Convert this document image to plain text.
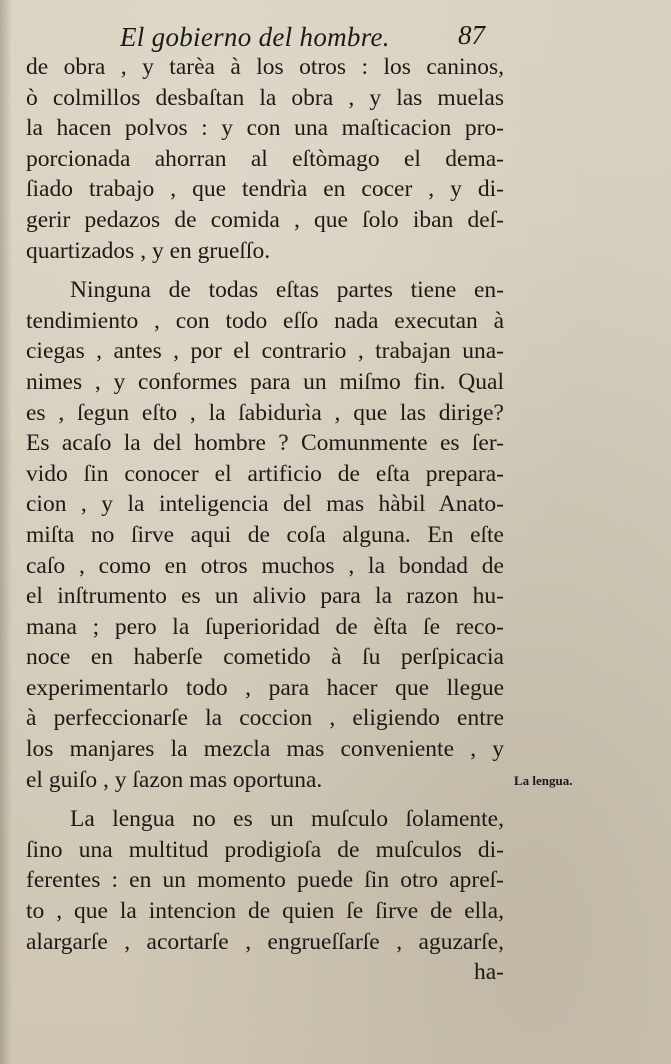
El gobierno del hombre.	87
de obra , y tarèa à los otros : los caninos,
ò colmillos desbaſtan la obra , y las muelas
la hacen polvos : y con una maſticacion pro-
porcionada ahorran al eſtòmago el dema-
ſiado trabajo , que tendrìa en cocer , y di-
gerir pedazos de comida , que ſolo iban deſ-
quartizados , y en grueſſo.
Ninguna de todas eſtas partes tiene en-
tendimiento , con todo eſſo nada executan à
ciegas , antes , por el contrario , trabajan una-
nimes , y conformes para un miſmo fin. Qual
es , ſegun eſto , la ſabidurìa , que las dirige?
Es acaſo la del hombre ? Comunmente es ſer-
vido ſin conocer el artificio de eſta prepara-
cion , y la inteligencia del mas hàbil Anato-
miſta no ſirve aqui de coſa alguna. En eſte
caſo , como en otros muchos , la bondad de
el inſtrumento es un alivio para la razon hu-
mana ; pero la ſuperioridad de èſta ſe reco-
noce en haberſe cometido à ſu perſpicacia
experimentarlo todo , para hacer que llegue
à perfeccionarſe la coccion , eligiendo entre
los manjares la mezcla mas conveniente , y
el guiſo , y ſazon mas oportuna.
La lengua no es un muſculo ſolamente,
ſino una multitud prodigioſa de muſculos di-
ferentes : en un momento puede ſin otro apreſ-
to , que la intencion de quien ſe ſirve de ella,
alargarſe , acortarſe , engrueſſarſe , aguzarſe,
ha-
La lengua.
